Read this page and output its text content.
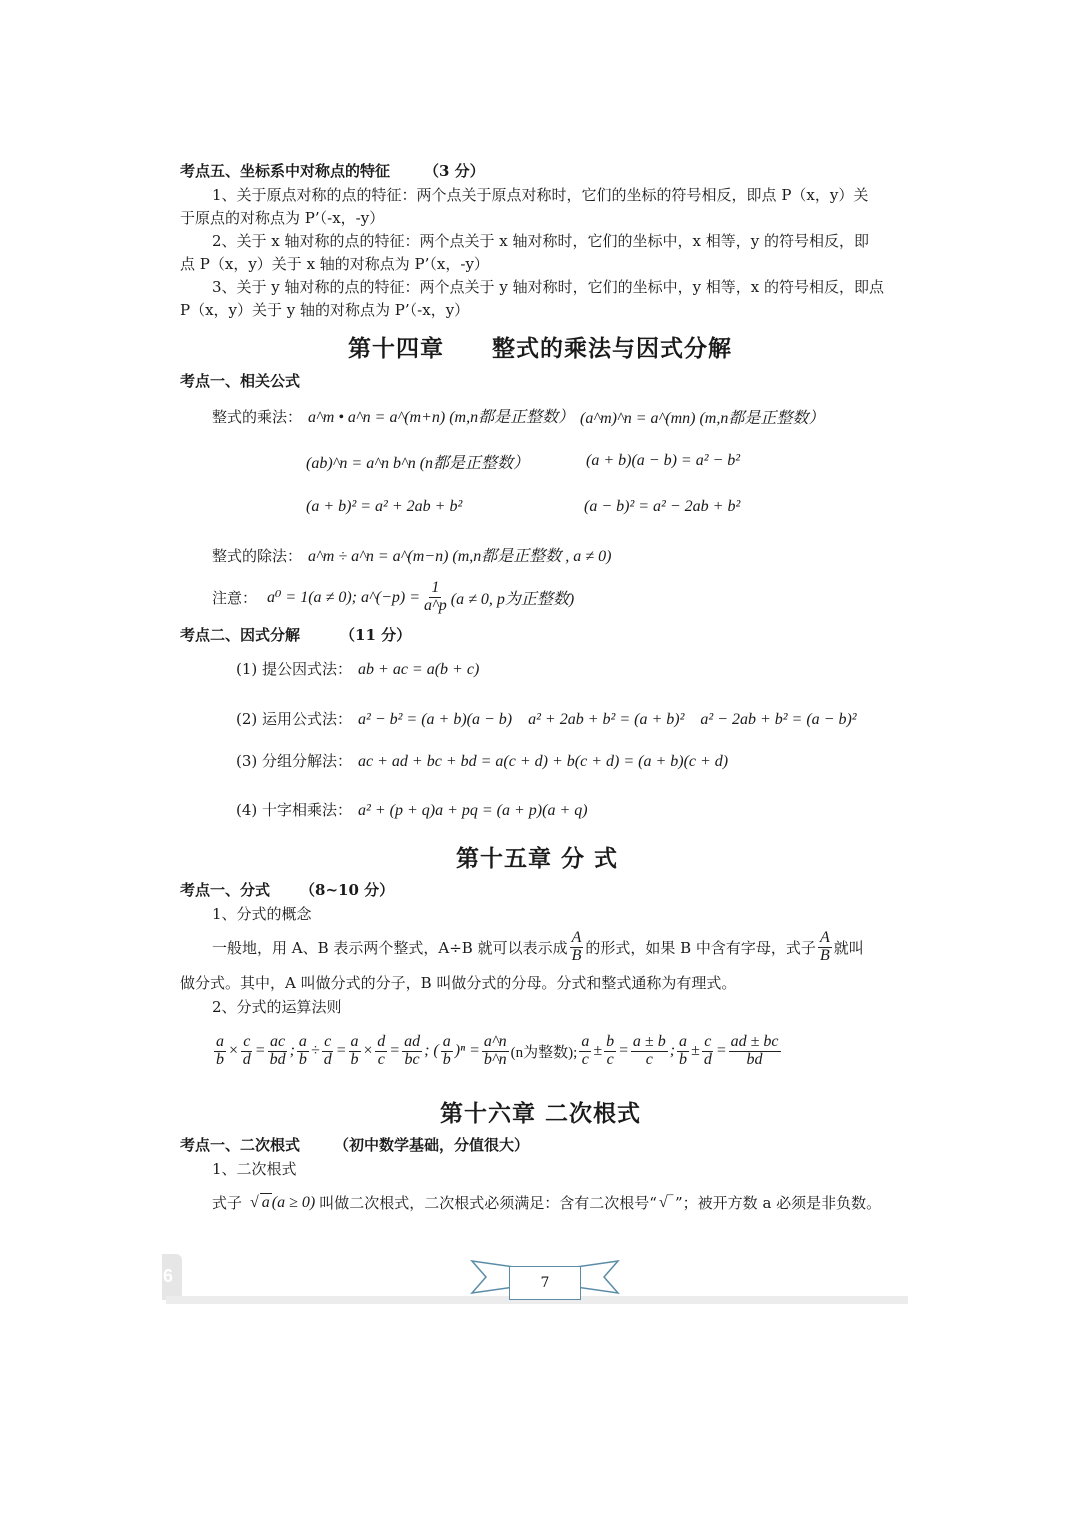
考点五、坐标系中对称点的特征 （3 分）
1、关于原点对称的点的特征：两个点关于原点对称时，它们的坐标的符号相反，即点 P（x，y）关
于原点的对称点为 P’（-x，-y）
2、关于 x 轴对称的点的特征：两个点关于 x 轴对称时，它们的坐标中，x 相等，y 的符号相反，即
点 P（x，y）关于 x 轴的对称点为 P’（x，-y）
3、关于 y 轴对称的点的特征：两个点关于 y 轴对称时，它们的坐标中，y 相等，x 的符号相反，即点
P（x，y）关于 y 轴的对称点为 P’（-x，y）
第十四章　　整式的乘法与因式分解
考点一、相关公式
整式的乘法： a^m • a^n = a^(m+n) (m,n都是正整数） (a^m)^n = a^(mn) (m,n都是正整数）
(ab)^n = a^n b^n (n都是正整数）	(a + b)(a − b) = a² − b²
(a + b)² = a² + 2ab + b²	(a − b)² = a² − 2ab + b²
整式的除法： a^m ÷ a^n = a^(m−n) (m,n都是正整数 , a ≠ 0)
注意： a⁰ = 1(a ≠ 0); a^(−p) = $\frac{1}{a\^{}p} (a \ne 0$, p为正整数)
考点二、因式分解	（11 分）
(1) 提公因式法： ab + ac = a(b + c)
(2) 运用公式法： a² − b² = (a + b)(a − b)　a² + 2ab + b² = (a + b)²　a² − 2ab + b² = (a − b)²
(3) 分组分解法： ac + ad + bc + bd = a(c + d) + b(c + d) = (a + b)(c + d)
(4) 十字相乘法： a² + (p + q)a + pq = (a + p)(a + q)
第十五章 分 式
考点一、分式 （8~10 分）
1、分式的概念
一般地，用 A、B 表示两个整式，A÷B 就可以表示成 $\frac{A}{B}$ 的形式，如果 B 中含有字母，式子 $\frac{A}{B}$ 就叫
做分式。其中，A 叫做分式的分子，B 叫做分式的分母。分式和整式通称为有理式。
2、分式的运算法则
$\frac{a}{b} \times \frac{c}{d} = \frac{ac}{bd}$ ; $\frac{a}{b} \div \frac{c}{d} = \frac{a}{b} \times \frac{d}{c} = \frac{ad}{bc}$ ; ( $\frac{a}{b} )^n = \frac{a\^{}n}{b\^{}n} (n$为整数); $\frac{a}{c} \pm \frac{b}{c} = \frac{a \pm b}{c}$ ; $\frac{a}{b} \pm \frac{c}{d} = \frac{ad \pm bc}{bd}$
第十六章 二次根式
考点一、二次根式 （初中数学基础，分值很大）
1、二次根式
式子 √ a (a ≥ 0) 叫做二次根式，二次根式必须满足：含有二次根号“ √‾ ”；被开方数 a 必须是非负数。
6	7
